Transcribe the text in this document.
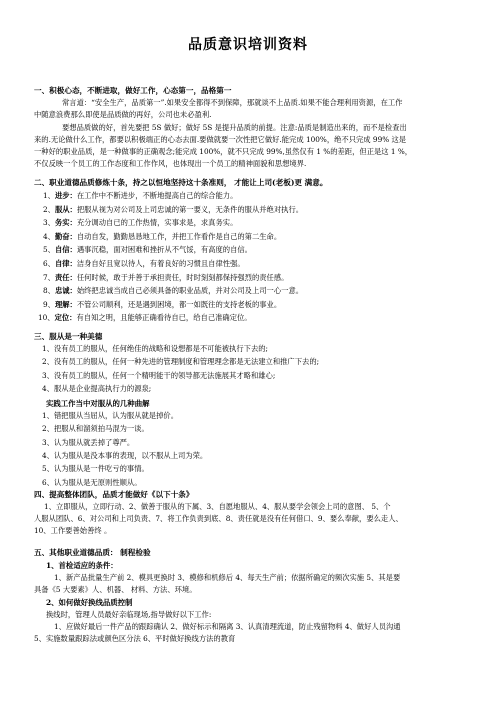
品质意识培训资料
一、积极心态，不断进取，做好工作，心态第一，品格第一
常言道：“安全生产，品质第一”.如果安全都得不到保障，那就谈不上品质.如果不能合理利用资源，在工作
中随意浪费那么即使是品质做的再好，公司也未必盈利.
要想品质做的好，首先要把 5S 做好；做好 5S 是提升品质的前提。注意:品质是制造出来的，而不是检查出
来的.无论做什么工作，都要以积极端正的心态去面.要做就要一次性把它做好.能完成 100%，绝不只完成 99% 这是
一种好的职业品质，是一种做事的正确观念;能完成 100%，就不只完成 99%,虽然仅有 1 %的差距，但正是这 1 %，
不仅反映一个员工的工作态度和工作作风，也体现出一个员工的精神面貌和思想境界.
二、职业道德品质修炼十条，持之以恒地坚持这十条准则， 才能让上司(老板)更 满意。
1、进步：在工作中不断进步，不断地提高自己的综合能力。
2、服从：把服从视为对公司及上司忠诚的第一要义，无条件的服从并绝对执行。
3、务实：充分调动自已的工作热情，实事求是，求真务实。
4、勤奋：自动自发，勤勤恳恳地工作，并把工作看作是自己的第二生命。
5、自信：遇事沉稳，面对困难和挫折从不气馁，有高度的自信。
6、自律：洁身自好且宽以待人，有着良好的习惯且自律性强。
7、责任：任何时候，敢于并善于承担责任，时时刻刻都保持强烈的责任感。
8、忠诚：始终把忠诚当成自己必须具备的职业品质，并对公司及上司一心一意。
9、理解：不管公司顺利，还是遇到困境，都一如既往的支持老板的事业。
10、定位：有自知之明，且能够正确看待自已，给自己准确定位。
三、服从是一种美德
1、没有员工的服从，任何绝佳的战略和设想都是不可能被执行下去的;
2、没有员工的服从，任何一种先进的管理制度和管理理念都是无法建立和推广下去的;
3、没有员工的服从，任何一个精明能干的领导都无法施展其才略和雄心;
4、服从是企业提高执行力的源泉;
实践工作当中对服从的几种曲解
1、错把服从当屈从，认为服从就是掉价。
2、把服从和溜须拍马混为一谈。
3、认为服从就丢掉了尊严。
4、认为服从是没本事的表现，以不服从上司为荣。
5、认为服从是一件吃亏的事情。
6、认为服从是无原则性顺从。
四、提高整体团队，品质才能做好《以下十条》
1、立即服从，立即行动、2、做善于服从的下属、3、自愿地服从、4、服从要学会领会上司的意图、 5、个
人服从团队、6、对公司和上司负责、7、将工作负责到底、8、责任就是没有任何借口、9、要么奉献，要么走人、
10、工作要善始善终 。
五、其他职业道德品质： 制程检验
1、首检适应的条件：
1、新产品批量生产前 2、模具更换时 3、模修和机修后 4、每天生产前；依据所确定的频次实施 5、其是要
具备《5 大要素》人、机器、 材料、方法、环境。
2、如何做好换线品质控制
换线时，管理人员最好亲临现场,指导做好以下工作:
1、应做好最后一件产品的跟踪确认 2、做好标示和隔离 3、认真清理流道，防止残留物料 4、做好人员沟通
5、实施数量跟踪法或颜色区分法 6、平时做好换线方法的教育
